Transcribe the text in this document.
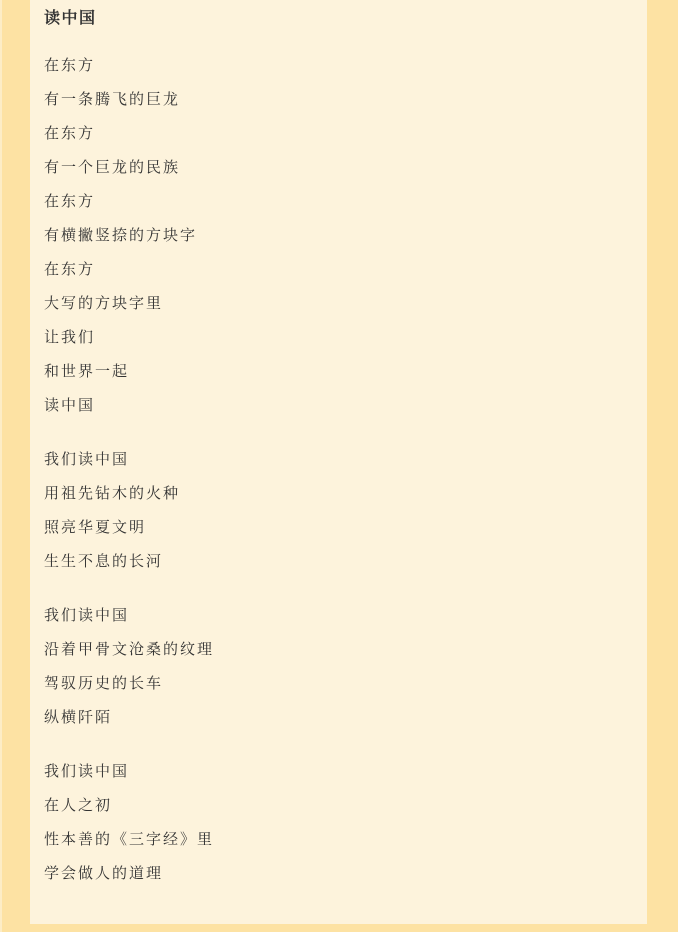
读中国

在东方

有一条腾飞的巨龙

在东方

有一个巨龙的民族

在东方

有横撇竖捺的方块字

在东方

大写的方块字里

让我们

和世界一起

读中国

我们读中国

用祖先钻木的火种

照亮华夏文明

生生不息的长河

我们读中国

沿着甲骨文沧桑的纹理

驾驭历史的长车

纵横阡陌

我们读中国

在人之初

性本善的《三字经》里

学会做人的道理
